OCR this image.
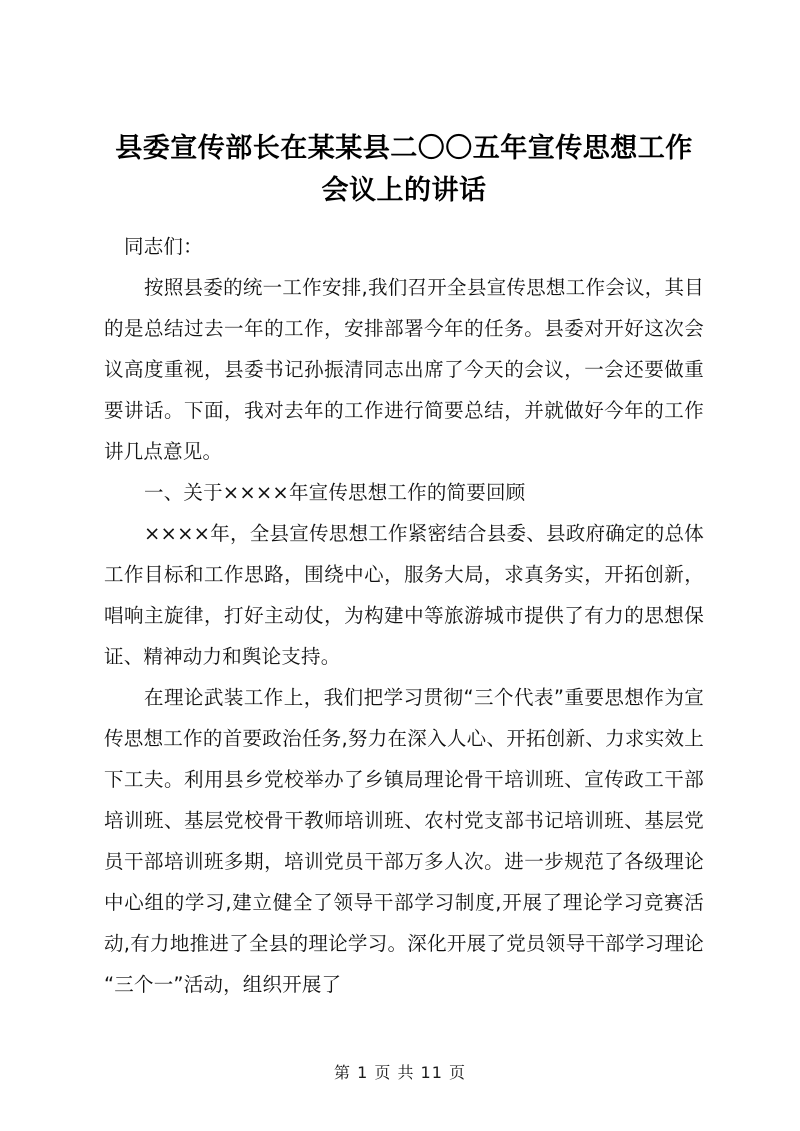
县委宣传部长在某某县二〇〇五年宣传思想工作会议上的讲话

同志们：

按照县委的统一工作安排,我们召开全县宣传思想工作会议，其目的是总结过去一年的工作，安排部署今年的任务。县委对开好这次会议高度重视，县委书记孙振清同志出席了今天的会议，一会还要做重要讲话。下面，我对去年的工作进行简要总结，并就做好今年的工作讲几点意见。

一、关于××××年宣传思想工作的简要回顾

××××年，全县宣传思想工作紧密结合县委、县政府确定的总体工作目标和工作思路，围绕中心，服务大局，求真务实，开拓创新，唱响主旋律，打好主动仗，为构建中等旅游城市提供了有力的思想保证、精神动力和舆论支持。

在理论武装工作上，我们把学习贯彻“三个代表”重要思想作为宣传思想工作的首要政治任务,努力在深入人心、开拓创新、力求实效上下工夫。利用县乡党校举办了乡镇局理论骨干培训班、宣传政工干部培训班、基层党校骨干教师培训班、农村党支部书记培训班、基层党员干部培训班多期，培训党员干部万多人次。进一步规范了各级理论中心组的学习,建立健全了领导干部学习制度,开展了理论学习竞赛活动,有力地推进了全县的理论学习。深化开展了党员领导干部学习理论“三个一”活动，组织开展了

第 1 页 共 11 页
